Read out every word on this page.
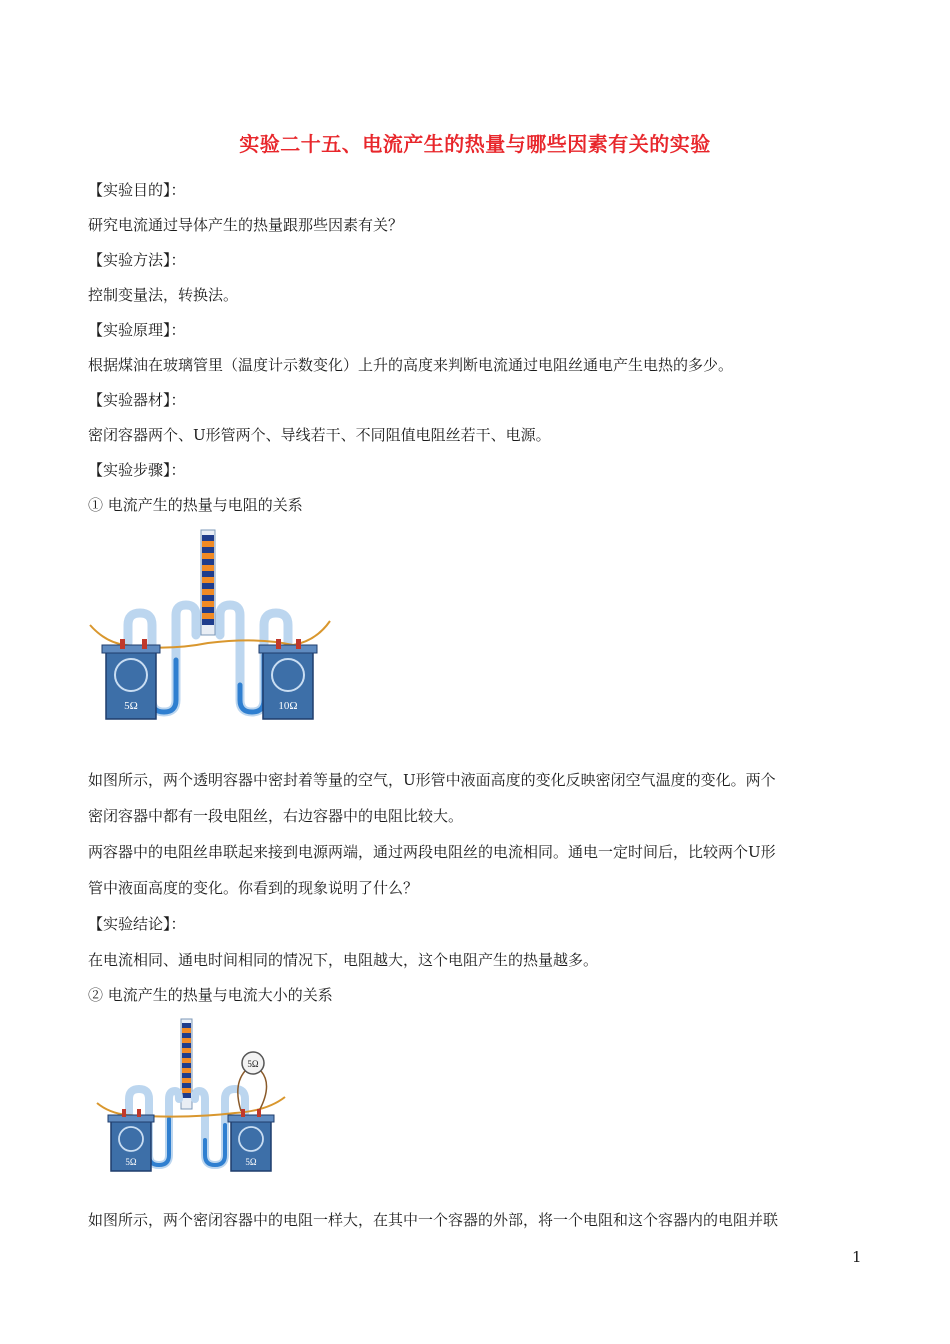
实验二十五、电流产生的热量与哪些因素有关的实验
【实验目的】：
研究电流通过导体产生的热量跟那些因素有关？
【实验方法】：
控制变量法，转换法。
【实验原理】：
根据煤油在玻璃管里（温度计示数变化）上升的高度来判断电流通过电阻丝通电产生电热的多少。
【实验器材】：
密闭容器两个、U形管两个、导线若干、不同阻值电阻丝若干、电源。
【实验步骤】：
① 电流产生的热量与电阻的关系
5Ω	10Ω
如图所示，两个透明容器中密封着等量的空气，U形管中液面高度的变化反映密闭空气温度的变化。两个
密闭容器中都有一段电阻丝，右边容器中的电阻比较大。
两容器中的电阻丝串联起来接到电源两端，通过两段电阻丝的电流相同。通电一定时间后，比较两个U形
管中液面高度的变化。你看到的现象说明了什么？
【实验结论】：
在电流相同、通电时间相同的情况下，电阻越大，这个电阻产生的热量越多。
② 电流产生的热量与电流大小的关系
5Ω
5Ω	5Ω
如图所示，两个密闭容器中的电阻一样大，在其中一个容器的外部，将一个电阻和这个容器内的电阻并联
1
